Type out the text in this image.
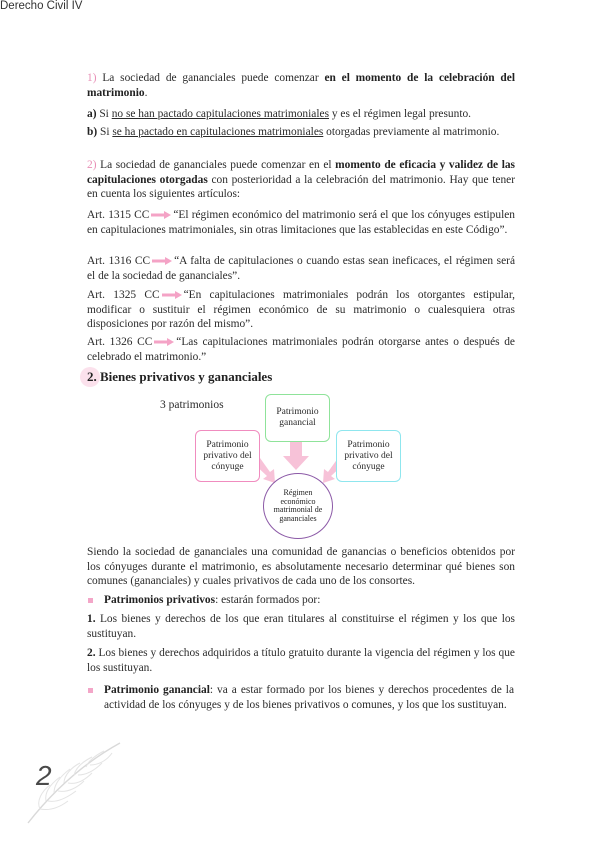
Derecho Civil IV
1) La sociedad de gananciales puede comenzar en el momento de la celebración del matrimonio.
a) Si no se han pactado capitulaciones matrimoniales y es el régimen legal presunto.
b) Si se ha pactado en capitulaciones matrimoniales otorgadas previamente al matrimonio.
2) La sociedad de gananciales puede comenzar en el momento de eficacia y validez de las capitulaciones otorgadas con posterioridad a la celebración del matrimonio. Hay que tener en cuenta los siguientes artículos:
Art. 1315 CC “El régimen económico del matrimonio será el que los cónyuges estipulen en capitulaciones matrimoniales, sin otras limitaciones que las establecidas en este Código”.
Art. 1316 CC “A falta de capitulaciones o cuando estas sean ineficaces, el régimen será el de la sociedad de gananciales”.
Art. 1325 CC “En capitulaciones matrimoniales podrán los otorgantes estipular, modificar o sustituir el régimen económico de su matrimonio o cualesquiera otras disposiciones por razón del mismo”.
Art. 1326 CC “Las capitulaciones matrimoniales podrán otorgarse antes o después de celebrado el matrimonio.”
2. Bienes privativos y gananciales
3 patrimonios
Patrimonio ganancial
Patrimonio privativo del cónyuge
Patrimonio privativo del cónyuge
Régimen económico matrimonial de gananciales
Siendo la sociedad de gananciales una comunidad de ganancias o beneficios obtenidos por los cónyuges durante el matrimonio, es absolutamente necesario determinar qué bienes son comunes (gananciales) y cuales privativos de cada uno de los consortes.
Patrimonios privativos: estarán formados por:
1. Los bienes y derechos de los que eran titulares al constituirse el régimen y los que los sustituyan.
2. Los bienes y derechos adquiridos a título gratuito durante la vigencia del régimen y los que los sustituyan.
Patrimonio ganancial: va a estar formado por los bienes y derechos procedentes de la actividad de los cónyuges y de los bienes privativos o comunes, y los que los sustituyan.
2
